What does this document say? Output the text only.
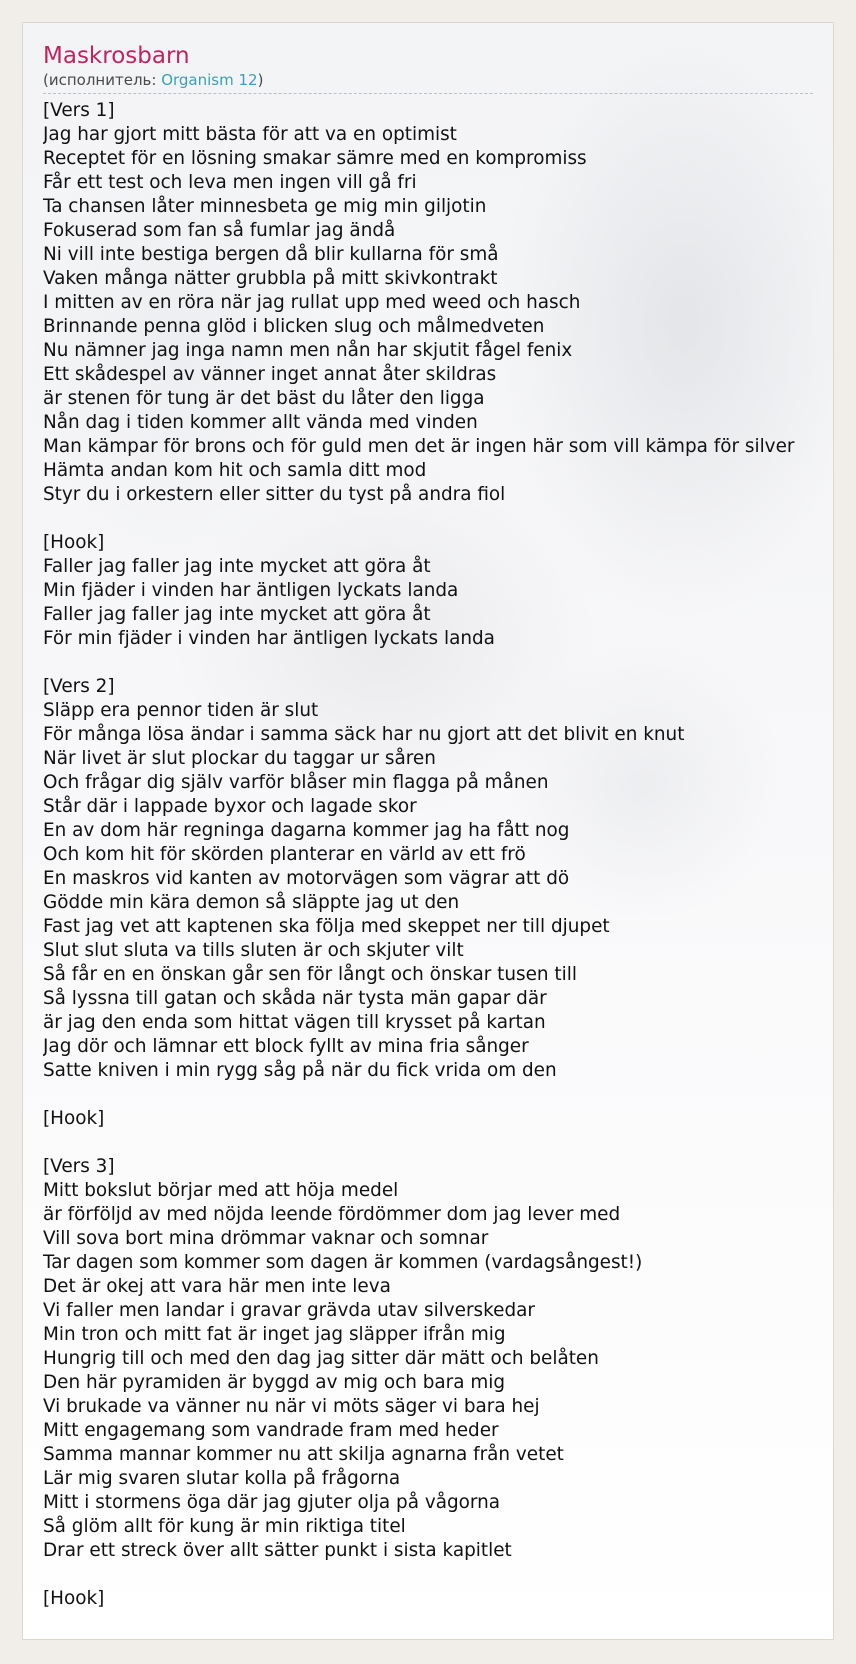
Maskrosbarn
(исполнитель: Organism 12)
[Vers 1]
Jag har gjort mitt bästa för att va en optimist
Receptet för en lösning smakar sämre med en kompromiss
Får ett test och leva men ingen vill gå fri
Ta chansen låter minnesbeta ge mig min giljotin
Fokuserad som fan så fumlar jag ändå
Ni vill inte bestiga bergen då blir kullarna för små
Vaken många nätter grubbla på mitt skivkontrakt
I mitten av en röra när jag rullat upp med weed och hasch
Brinnande penna glöd i blicken slug och målmedveten
Nu nämner jag inga namn men nån har skjutit fågel fenix
Ett skådespel av vänner inget annat åter skildras
är stenen för tung är det bäst du låter den ligga
Nån dag i tiden kommer allt vända med vinden
Man kämpar för brons och för guld men det är ingen här som vill kämpa för silver
Hämta andan kom hit och samla ditt mod
Styr du i orkestern eller sitter du tyst på andra fiol
[Hook]
Faller jag faller jag inte mycket att göra åt
Min fjäder i vinden har äntligen lyckats landa
Faller jag faller jag inte mycket att göra åt
För min fjäder i vinden har äntligen lyckats landa
[Vers 2]
Släpp era pennor tiden är slut
För många lösa ändar i samma säck har nu gjort att det blivit en knut
När livet är slut plockar du taggar ur såren
Och frågar dig själv varför blåser min flagga på månen
Står där i lappade byxor och lagade skor
En av dom här regninga dagarna kommer jag ha fått nog
Och kom hit för skörden planterar en värld av ett frö
En maskros vid kanten av motorvägen som vägrar att dö
Gödde min kära demon så släppte jag ut den
Fast jag vet att kaptenen ska följa med skeppet ner till djupet
Slut slut sluta va tills sluten är och skjuter vilt
Så får en en önskan går sen för långt och önskar tusen till
Så lyssna till gatan och skåda när tysta män gapar där
är jag den enda som hittat vägen till krysset på kartan
Jag dör och lämnar ett block fyllt av mina fria sånger
Satte kniven i min rygg såg på när du fick vrida om den
[Hook]
[Vers 3]
Mitt bokslut börjar med att höja medel
är förföljd av med nöjda leende fördömmer dom jag lever med
Vill sova bort mina drömmar vaknar och somnar
Tar dagen som kommer som dagen är kommen (vardagsångest!)
Det är okej att vara här men inte leva
Vi faller men landar i gravar grävda utav silverskedar
Min tron och mitt fat är inget jag släpper ifrån mig
Hungrig till och med den dag jag sitter där mätt och belåten
Den här pyramiden är byggd av mig och bara mig
Vi brukade va vänner nu när vi möts säger vi bara hej
Mitt engagemang som vandrade fram med heder
Samma mannar kommer nu att skilja agnarna från vetet
Lär mig svaren slutar kolla på frågorna
Mitt i stormens öga där jag gjuter olja på vågorna
Så glöm allt för kung är min riktiga titel
Drar ett streck över allt sätter punkt i sista kapitlet
[Hook]
